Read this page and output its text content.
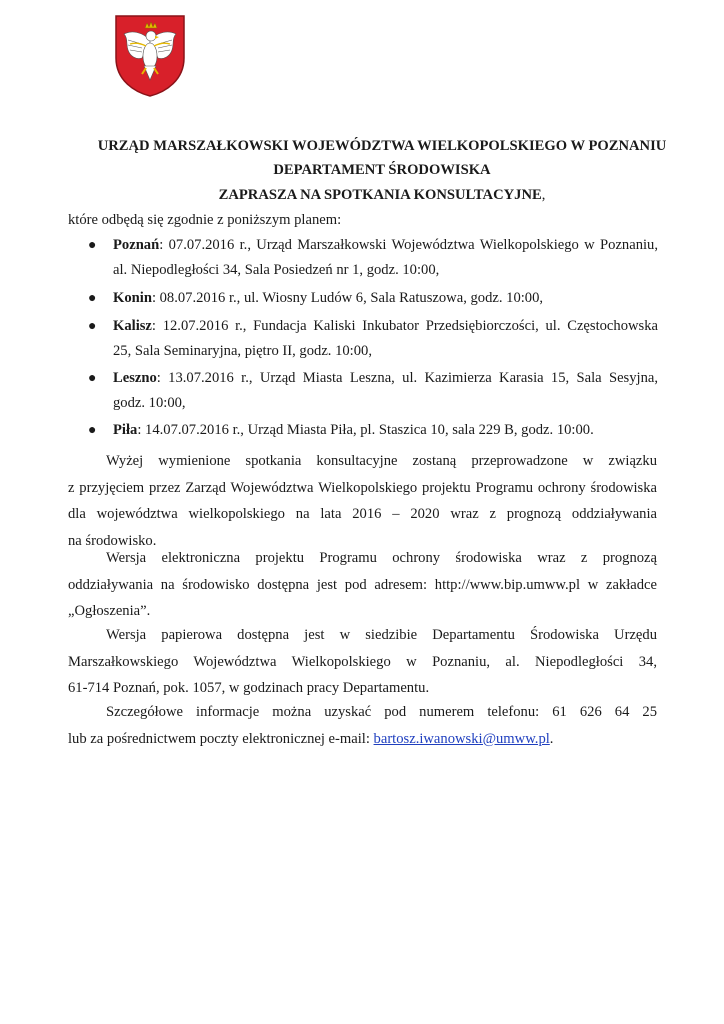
URZĄD MARSZAŁKOWSKI WOJEWÓDZTWA WIELKOPOLSKIEGO W POZNANIU
DEPARTAMENT ŚRODOWISKA
ZAPRASZA NA SPOTKANIA KONSULTACYJNE,
które odbędą się zgodnie z poniższym planem:
● Poznań: 07.07.2016 r., Urząd Marszałkowski Województwa Wielkopolskiego w Poznaniu,
al. Niepodległości 34, Sala Posiedzeń nr 1, godz. 10:00,
● Konin: 08.07.2016 r., ul. Wiosny Ludów 6, Sala Ratuszowa, godz. 10:00,
● Kalisz: 12.07.2016 r., Fundacja Kaliski Inkubator Przedsiębiorczości, ul. Częstochowska
25, Sala Seminaryjna, piętro II, godz. 10:00,
● Leszno: 13.07.2016 r., Urząd Miasta Leszna, ul. Kazimierza Karasia 15, Sala Sesyjna,
godz. 10:00,
● Piła: 14.07.07.2016 r., Urząd Miasta Piła, pl. Staszica 10, sala 229 B, godz. 10:00.
Wyżej wymienione spotkania konsultacyjne zostaną przeprowadzone w związku
z przyjęciem przez Zarząd Województwa Wielkopolskiego projektu Programu ochrony środowiska
dla województwa wielkopolskiego na lata 2016 – 2020 wraz z prognozą oddziaływania
na środowisko.
Wersja elektroniczna projektu Programu ochrony środowiska wraz z prognozą
oddziaływania na środowisko dostępna jest pod adresem: http://www.bip.umww.pl w zakładce
„Ogłoszenia”.
Wersja papierowa dostępna jest w siedzibie Departamentu Środowiska Urzędu
Marszałkowskiego Województwa Wielkopolskiego w Poznaniu, al. Niepodległości 34,
61-714 Poznań, pok. 1057, w godzinach pracy Departamentu.
Szczegółowe informacje można uzyskać pod numerem telefonu: 61 626 64 25
lub za pośrednictwem poczty elektronicznej e-mail: bartosz.iwanowski@umww.pl.
